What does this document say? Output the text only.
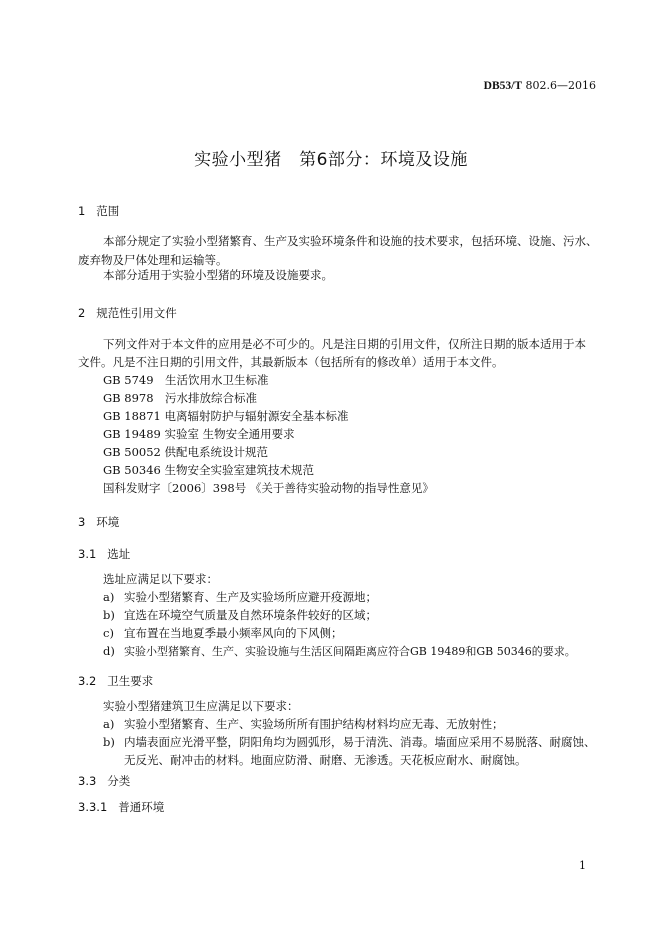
DB53/T 802.6—2016
实验小型猪　第6部分：环境及设施
1 范围
本部分规定了实验小型猪繁育、生产及实验环境条件和设施的技术要求，包括环境、设施、污水、
废弃物及尸体处理和运输等。
本部分适用于实验小型猪的环境及设施要求。
2 规范性引用文件
下列文件对于本文件的应用是必不可少的。凡是注日期的引用文件，仅所注日期的版本适用于本
文件。凡是不注日期的引用文件，其最新版本（包括所有的修改单）适用于本文件。
GB 5749　生活饮用水卫生标准
GB 8978　污水排放综合标准
GB 18871 电离辐射防护与辐射源安全基本标准
GB 19489 实验室 生物安全通用要求
GB 50052 供配电系统设计规范
GB 50346 生物安全实验室建筑技术规范
国科发财字〔2006〕398号 《关于善待实验动物的指导性意见》
3 环境
3.1 选址
选址应满足以下要求：
a) 实验小型猪繁育、生产及实验场所应避开疫源地；
b) 宜选在环境空气质量及自然环境条件较好的区域；
c) 宜布置在当地夏季最小频率风向的下风侧；
d) 实验小型猪繁育、生产、实验设施与生活区间隔距离应符合GB 19489和GB 50346的要求。
3.2 卫生要求
实验小型猪建筑卫生应满足以下要求：
a) 实验小型猪繁育、生产、实验场所所有围护结构材料均应无毒、无放射性；
b) 内墙表面应光滑平整，阴阳角均为圆弧形，易于清洗、消毒。墙面应采用不易脱落、耐腐蚀、
无反光、耐冲击的材料。地面应防滑、耐磨、无渗透。天花板应耐水、耐腐蚀。
3.3 分类
3.3.1 普通环境
1
